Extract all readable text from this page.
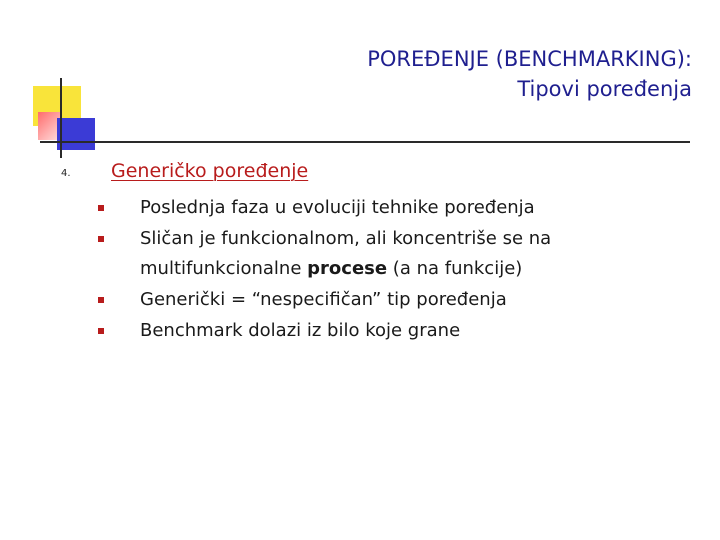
POREĐENJE (BENCHMARKING):
Tipovi poređenja
4. Generičko poređenje
Poslednja faza u evoluciji tehnike poređenja
Sličan je funkcionalnom, ali koncentriše se na
multifunkcionalne procese (a na funkcije)
Generički = “nespecifičan” tip poređenja
Benchmark dolazi iz bilo koje grane
